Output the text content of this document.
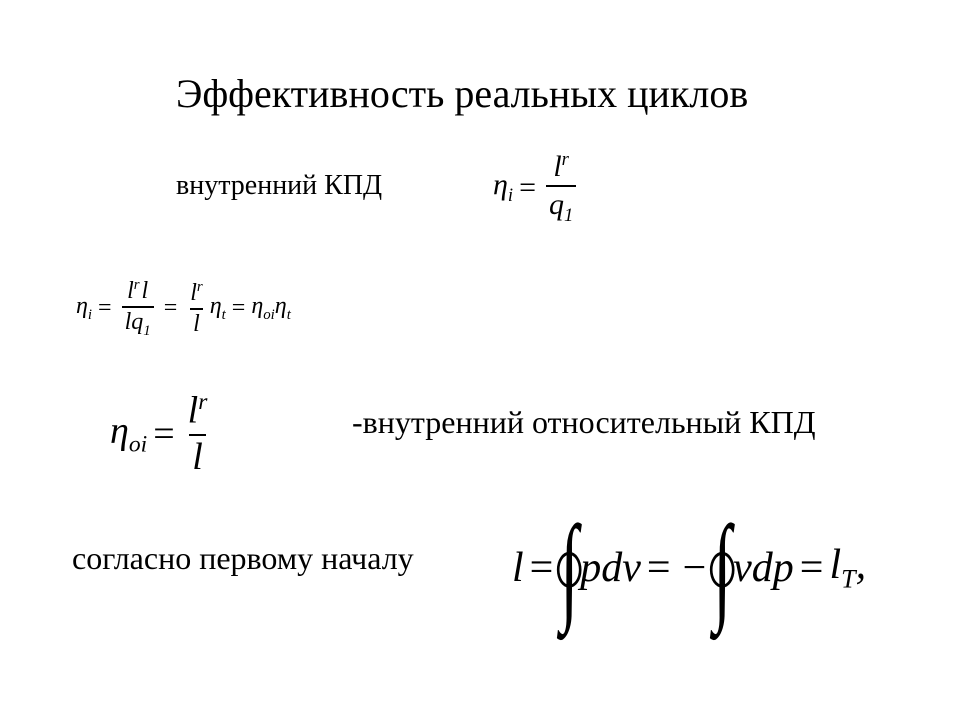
Эффективность реальных циклов
внутренний КПД	$\eta_i = \frac{l^r}{q_1}$
$\eta_i = \frac{l^r l}{lq_1} = \frac{l^r}{l} \eta_t = \eta_{oi}$ $\eta_t$
$\eta_{oi} = \frac{l^r}{l}$	-внутренний относительный КПД
согласно первому началу l = ∫ pdv = − ∫ vdp = $l_T$,
